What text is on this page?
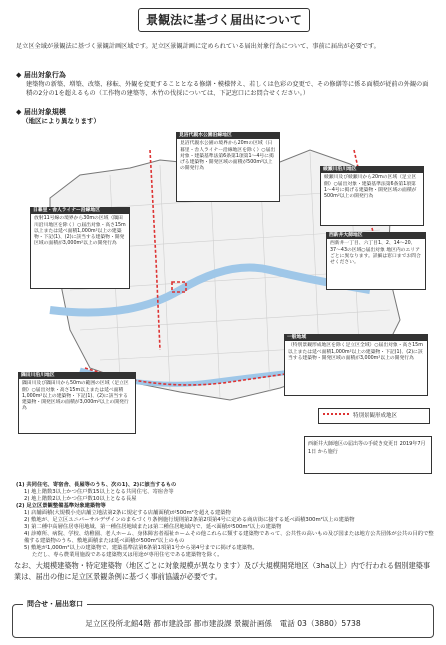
景観法に基づく届出について
足立区全域が景観法に基づく景観計画区域です。足立区景観計画に定められている届出対象行為について、事前に届出が必要です。
◆ 届出対象行為
建築物の新築、増築、改築、移転、外観を変更することとなる修繕・模様替え、若しくは色彩の変更で、その修繕等に係る面積が従前の外観の面積の2分の1を超えるもの（工作物の建築等、木竹の伐採については、下記窓口にお問合せください。）
◆ 届出対象規模
（地区により異なります）
見沼代親水公園沿線地区
見沼代親水公園の境界から20mの区域（日暮里・舎人ライナー沿線地区を除く）○届出対象・建築基準法第6条第1項第1〜4号に掲げる建築物・開発区域の面積が500m²以上の開発行為	綾瀬川沿川地区
綾瀬川及び綾瀬川から20mの区域（足立区側）○届出対象・建築基準法第6条第1項第1〜4号に掲げる建築物・開発区域の面積が500m²以上の開発行為
日暮里・舎人ライナー沿線地区
放射11号線の境界から30mの区域（隅田川沿川地区を除く）○届出対象・高さ15m以上または延べ面積1,000m²以上の建築物・下記(1)、(2)に該当する建築物・開発区域の面積が3,000m²以上の開発行為
西新井大師地区
西新井一丁目、六丁目1、2、14〜20、37〜43の区域○届出対象 地区内のエリアごとに異なります。詳細は窓口までお問合せください。
一般地域
（特別景観形成地区を除く足立区全域）○届出対象・高さ15m以上または延べ面積1,000m²以上の建築物・下記(1)、(2)に該当する建築物・開発区域の面積が3,000m²以上の開発行為
隅田川沿川地区
隅田川及び隅田川から50mの範囲の区域（足立区側）○届出対象・高さ15m以上または延べ面積1,000m²以上の建築物・下記(1)、(2)に該当する建築物・開発区域の面積が3,000m²以上の開発行為
特別景観形成地区
西新井大師地区の届出等の手続き変更日 2019年7月1日 から施行
(1) 共同住宅、寄宿舎、長屋等のうち、次の1)、2)に該当するもの
1) 地上階数3以上かつ住戸数15以上となる共同住宅、寄宿舎等
2) 地上階数2以上かつ住戸数10以上となる長屋
(2) 足立区景観整備基準対象建築物等
1) 店舗面積(大規模小売店舗立地法第2条に規定する店舗面積)が500m²を超える建築物
2) 敷地が、足立区ユニバーサルデザインのまちづくり条例施行規則第2条第2項第4号に定める商店街に接する延べ面積300m²以上の建築物
3) 第二種中高層住居専用地域、第一種住居地域または第二種住居地域内で、延べ面積が500m²以上の建築物
4) 診療所、病院、学校、幼稚園、老人ホーム、身体障害者福祉ホームその他これらに類する建築物であって、公共性の高いもの及び国または地方公共団体が公共の目的で整備する建築物のうち、敷地面積または延べ面積が500m²以上のもの
5) 敷地が1,000m²以上の建築物で、建築基準法第6条第1項第1号から第4号までに掲げる建築物。
ただし、専ら農業用施設である建築物又は用途が専用住宅である建築物を除く。
なお、大規模建築物・特定建築物（地区ごとに対象規模が異なります）及び大規模開発地区（3ha以上）内で行われる個別建築事業は、届出の他に足立区景観条例に基づく事前協議が必要です。
問合せ・届出窓口
足立区役所北館4階 都市建設部 都市建設課 景観計画係　電話 03（3880）5738
